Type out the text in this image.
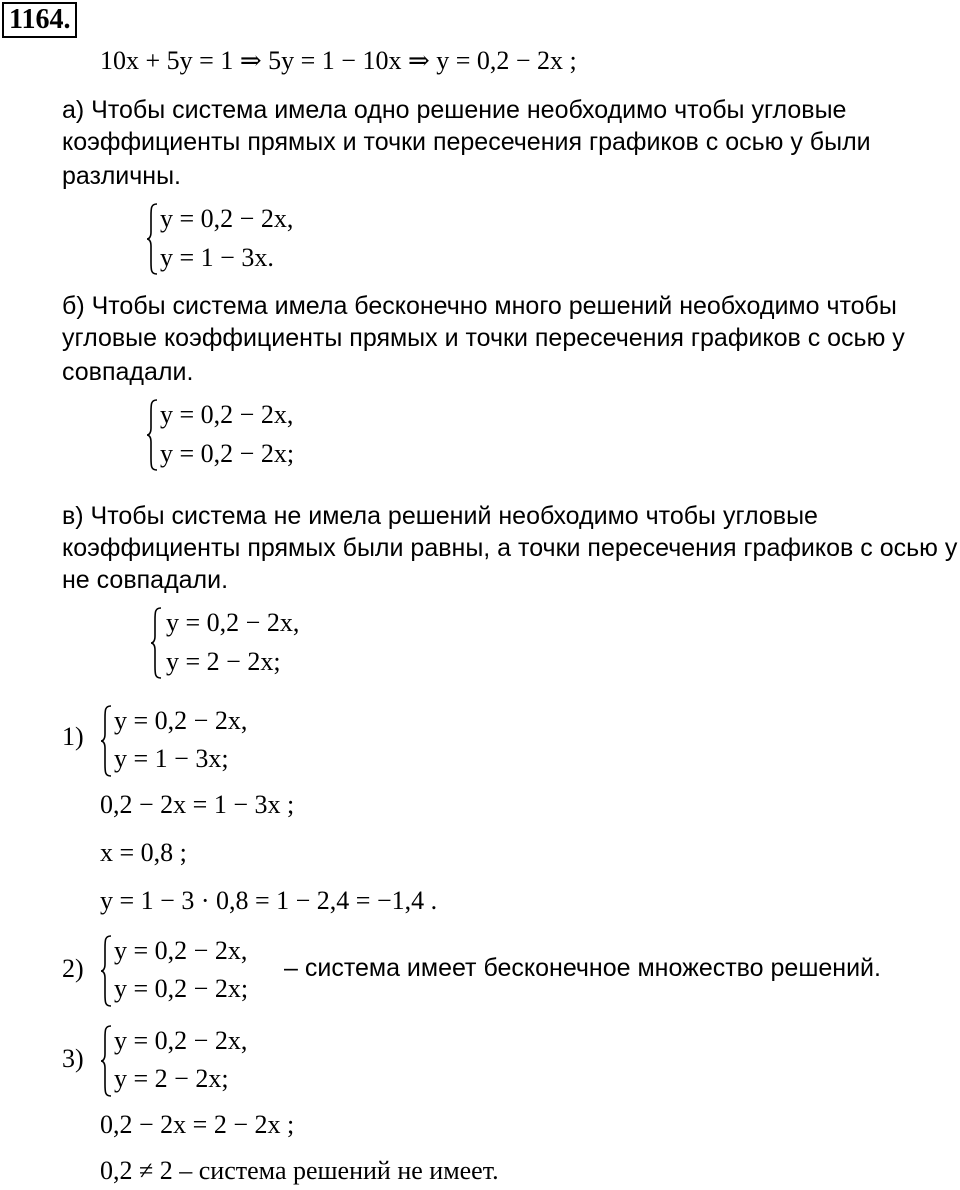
1164.
10x + 5y = 1 ⇒ 5y = 1 − 10x ⇒ y = 0,2 − 2x ;
а) Чтобы система имела одно решение необходимо чтобы угловые
коэффициенты прямых и точки пересечения графиков с осью y были
различны.
y = 0,2 − 2x,
y = 1 − 3x.
б) Чтобы система имела бесконечно много решений необходимо чтобы
угловые коэффициенты прямых и точки пересечения графиков с осью y
совпадали.
y = 0,2 − 2x,
y = 0,2 − 2x;
в) Чтобы система не имела решений необходимо чтобы угловые
коэффициенты прямых были равны, а точки пересечения графиков с осью y
не совпадали.
y = 0,2 − 2x,
y = 2 − 2x;
1)
y = 0,2 − 2x,
y = 1 − 3x;
0,2 − 2x = 1 − 3x ;
x = 0,8 ;
y = 1 − 3 · 0,8 = 1 − 2,4 = −1,4 .
2)
y = 0,2 − 2x,
y = 0,2 − 2x;
– система имеет бесконечное множество решений.
3)
y = 0,2 − 2x,
y = 2 − 2x;
0,2 − 2x = 2 − 2x ;
0,2 ≠ 2 – система решений не имеет.
